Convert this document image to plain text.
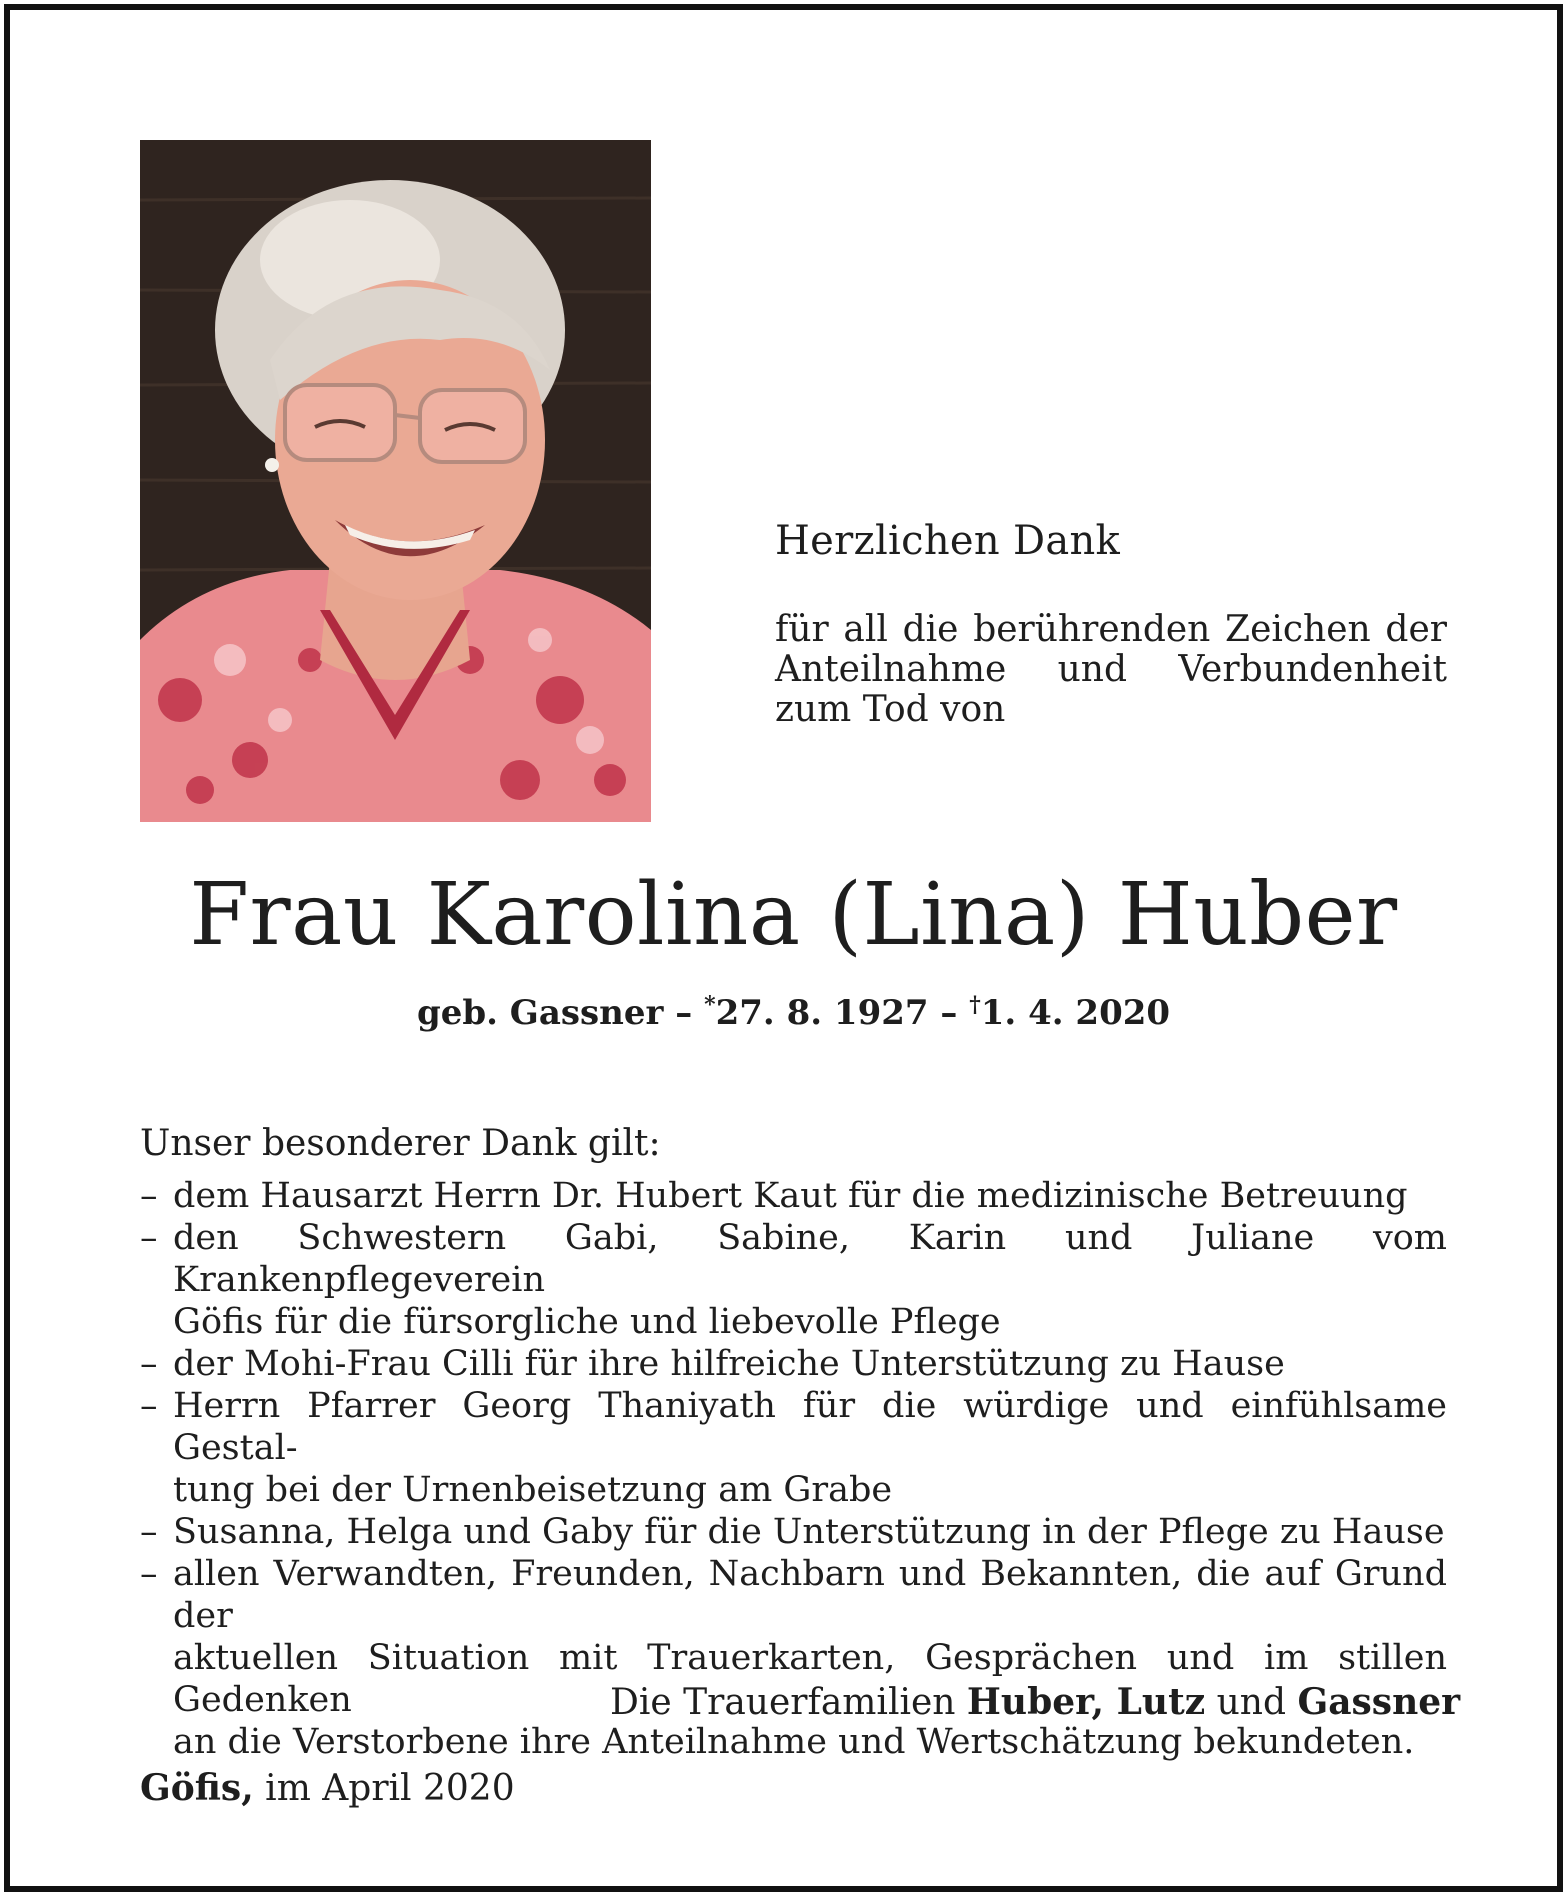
Herzlichen Dank
für all die berührenden Zeichen der Anteilnahme und Verbundenheit zum Tod von
Frau Karolina (Lina) Huber
geb. Gassner – *27. 8. 1927 – †1. 4. 2020
Unser besonderer Dank gilt:
– dem Hausarzt Herrn Dr. Hubert Kaut für die medizinische Betreuung
– den Schwestern Gabi, Sabine, Karin und Juliane vom Krankenpflegeverein
Göfis für die fürsorgliche und liebevolle Pflege
– der Mohi-Frau Cilli für ihre hilfreiche Unterstützung zu Hause
– Herrn Pfarrer Georg Thaniyath für die würdige und einfühlsame Gestal-
tung bei der Urnenbeisetzung am Grabe
– Susanna, Helga und Gaby für die Unterstützung in der Pflege zu Hause
– allen Verwandten, Freunden, Nachbarn und Bekannten, die auf Grund der
aktuellen Situation mit Trauerkarten, Gesprächen und im stillen Gedenken
an die Verstorbene ihre Anteilnahme und Wertschätzung bekundeten.
Die Trauerfamilien Huber, Lutz und Gassner
Göfis, im April 2020
